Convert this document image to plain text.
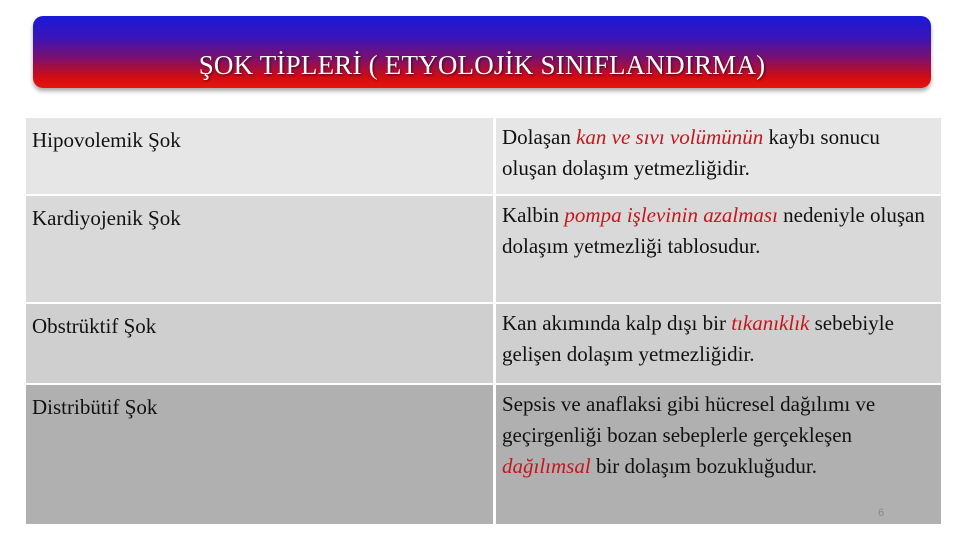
ŞOK TİPLERİ ( ETYOLOJİK SINIFLANDIRMA)
Hipovolemik Şok	Dolaşan kan ve sıvı volümünün kaybı sonucu oluşan dolaşım yetmezliğidir.
Kardiyojenik Şok	Kalbin pompa işlevinin azalması nedeniyle oluşan dolaşım yetmezliği tablosudur.
Obstrüktif Şok	Kan akımında kalp dışı bir tıkanıklık sebebiyle gelişen dolaşım yetmezliğidir.
Distribütif Şok	Sepsis ve anaflaksi gibi hücresel dağılımı ve geçirgenliği bozan sebeplerle gerçekleşen dağılımsal bir dolaşım bozukluğudur.
6
